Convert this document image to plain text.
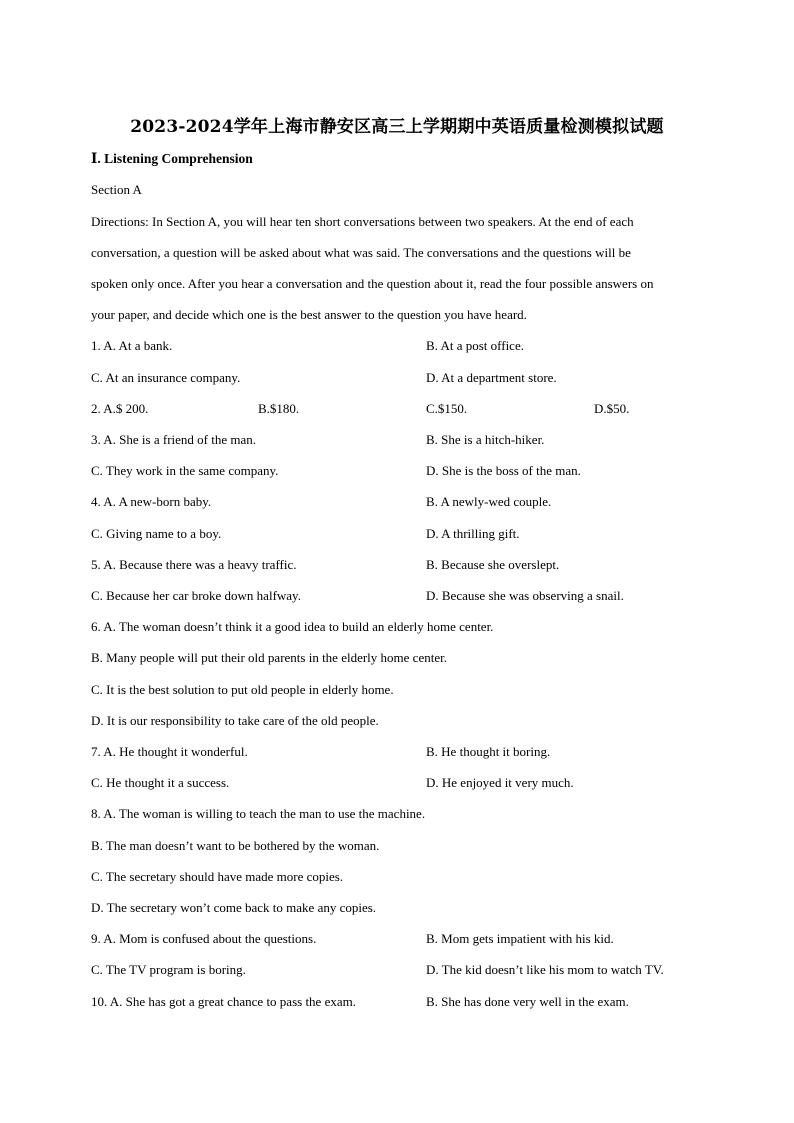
2023-2024学年上海市静安区高三上学期期中英语质量检测模拟试题
Ⅰ. Listening Comprehension
Section A
Directions: In Section A, you will hear ten short conversations between two speakers. At the end of each
conversation, a question will be asked about what was said. The conversations and the questions will be
spoken only once. After you hear a conversation and the question about it, read the four possible answers on
your paper, and decide which one is the best answer to the question you have heard.
1. A. At a bank.	B. At a post office.
C. At an insurance company.	D. At a department store.
2. A.$ 200.	B.$180.	C.$150.	D.$50.
3. A. She is a friend of the man.	B. She is a hitch-hiker.
C. They work in the same company.	D. She is the boss of the man.
4. A. A new-born baby.	B. A newly-wed couple.
C. Giving name to a boy.	D. A thrilling gift.
5. A. Because there was a heavy traffic.	B. Because she overslept.
C. Because her car broke down halfway.	D. Because she was observing a snail.
6. A. The woman doesn’t think it a good idea to build an elderly home center.
B. Many people will put their old parents in the elderly home center.
C. It is the best solution to put old people in elderly home.
D. It is our responsibility to take care of the old people.
7. A. He thought it wonderful.	B. He thought it boring.
C. He thought it a success.	D. He enjoyed it very much.
8. A. The woman is willing to teach the man to use the machine.
B. The man doesn’t want to be bothered by the woman.
C. The secretary should have made more copies.
D. The secretary won’t come back to make any copies.
9. A. Mom is confused about the questions.	B. Mom gets impatient with his kid.
C. The TV program is boring.	D. The kid doesn’t like his mom to watch TV.
10. A. She has got a great chance to pass the exam.	B. She has done very well in the exam.
